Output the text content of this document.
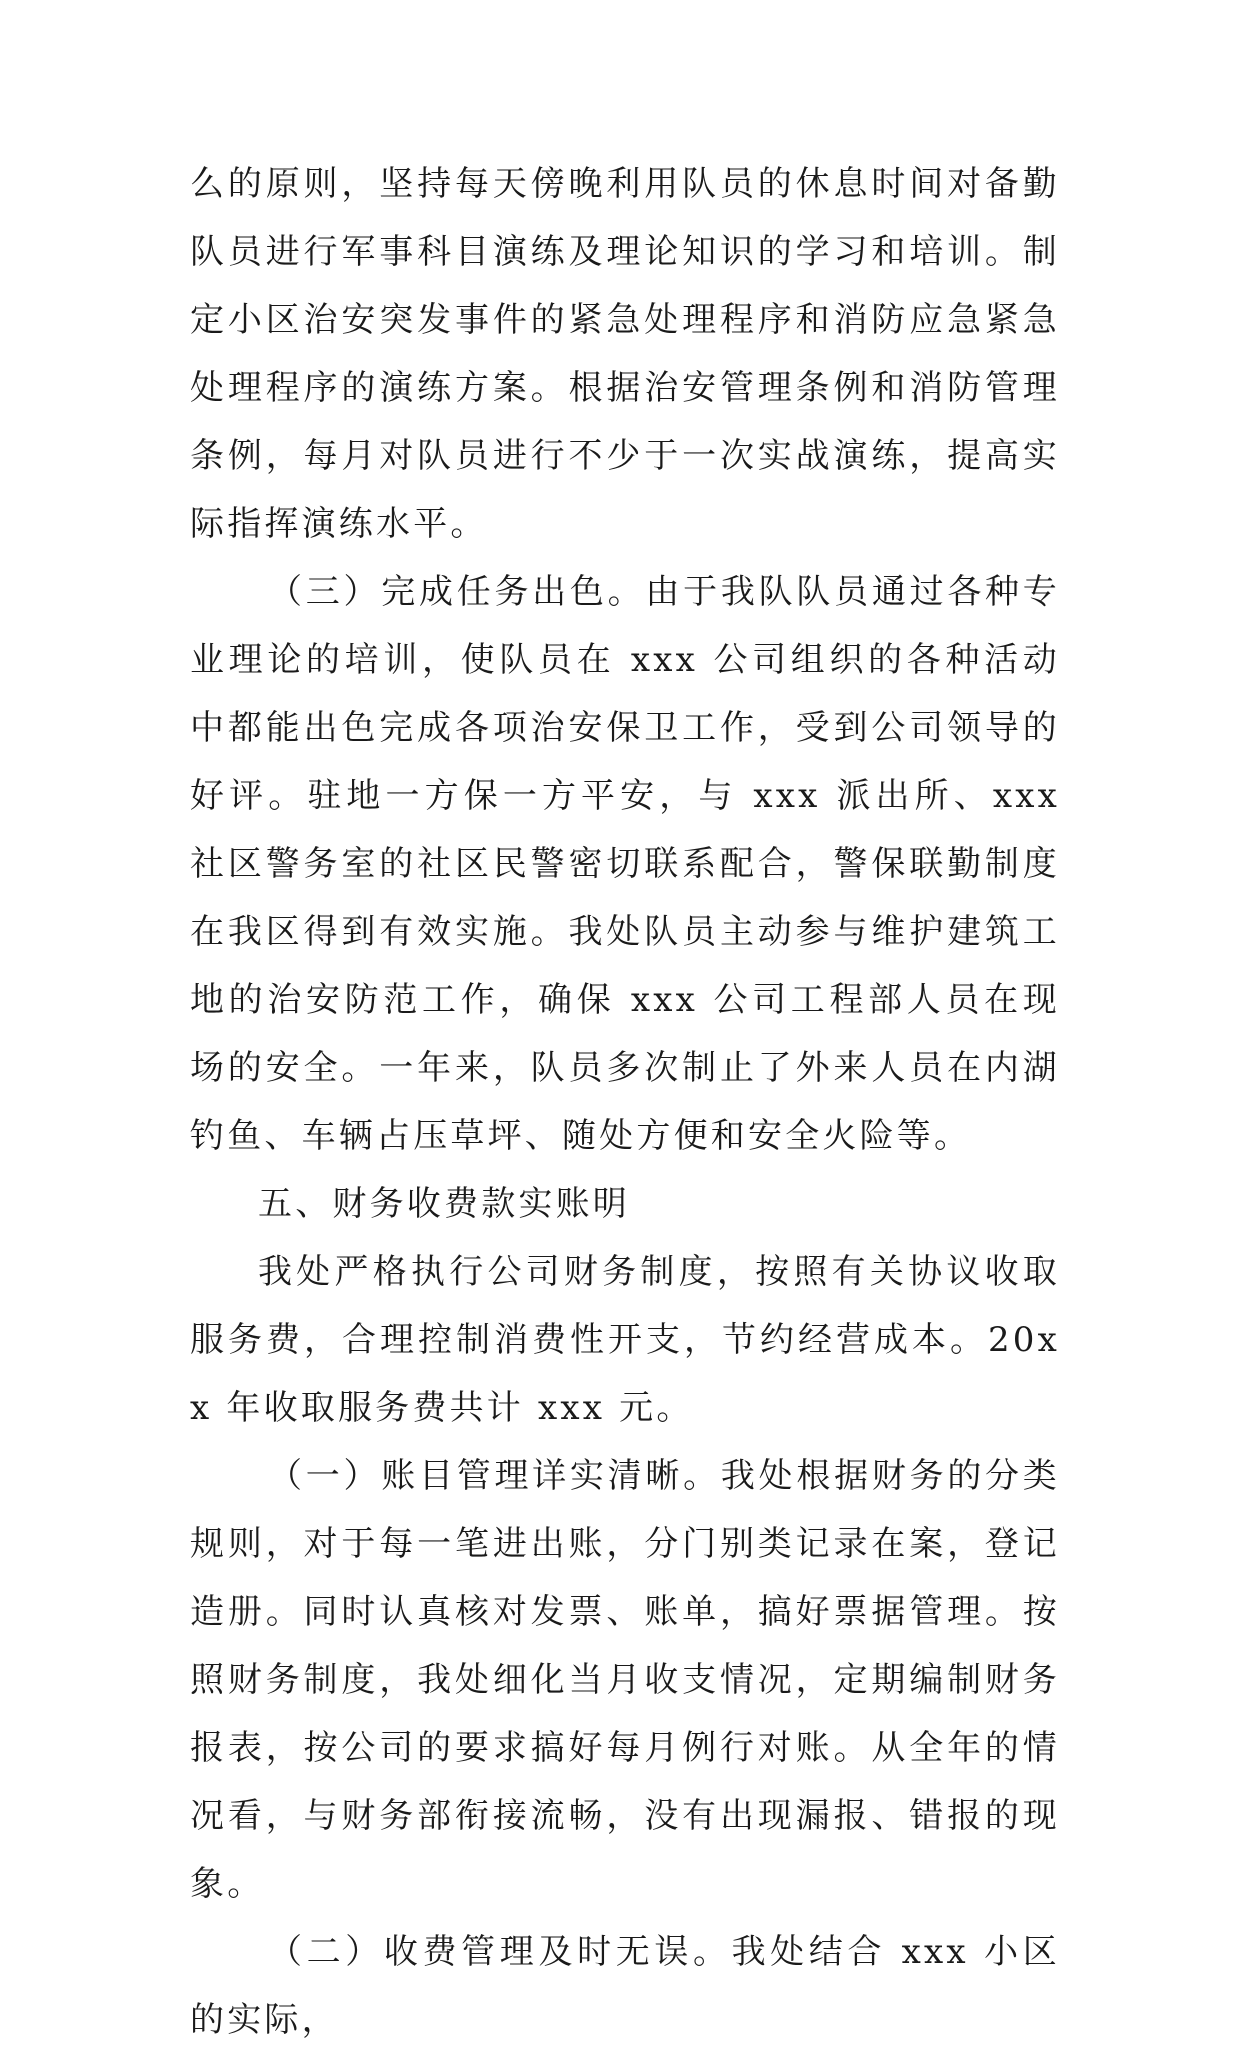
么的原则，坚持每天傍晚利用队员的休息时间对备勤队员进行军事科目演练及理论知识的学习和培训。制定小区治安突发事件的紧急处理程序和消防应急紧急处理程序的演练方案。根据治安管理条例和消防管理条例，每月对队员进行不少于一次实战演练，提高实际指挥演练水平。

（三）完成任务出色。由于我队队员通过各种专业理论的培训，使队员在 xxx 公司组织的各种活动中都能出色完成各项治安保卫工作，受到公司领导的好评。驻地一方保一方平安，与 xxx 派出所、xxx 社区警务室的社区民警密切联系配合，警保联勤制度在我区得到有效实施。我处队员主动参与维护建筑工地的治安防范工作，确保 xxx 公司工程部人员在现场的安全。一年来，队员多次制止了外来人员在内湖钓鱼、车辆占压草坪、随处方便和安全火险等。

五、财务收费款实账明

我处严格执行公司财务制度，按照有关协议收取服务费，合理控制消费性开支，节约经营成本。20xx 年收取服务费共计 xxx 元。

（一）账目管理详实清晰。我处根据财务的分类规则，对于每一笔进出账，分门别类记录在案，登记造册。同时认真核对发票、账单，搞好票据管理。按照财务制度，我处细化当月收支情况，定期编制财务报表，按公司的要求搞好每月例行对账。从全年的情况看，与财务部衔接流畅，没有出现漏报、错报的现象。

（二）收费管理及时无误。我处结合 xxx 小区的实际，
